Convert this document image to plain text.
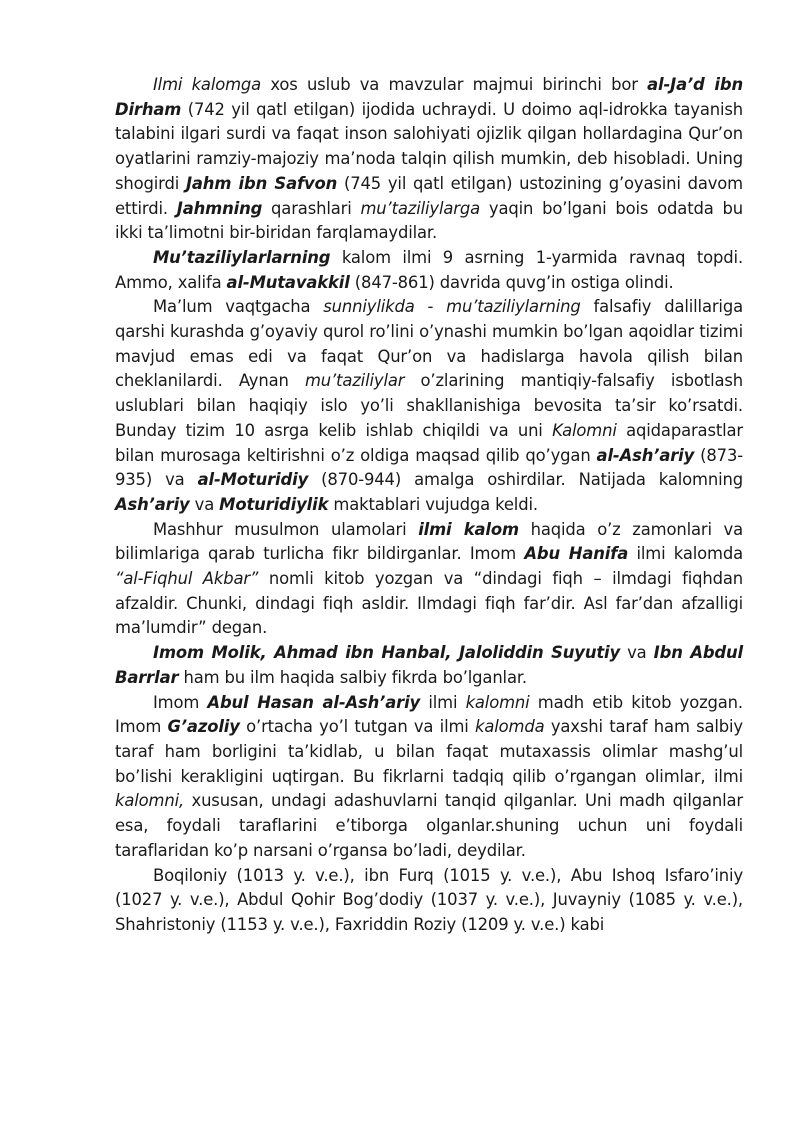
Ilmi kalomga xos uslub va mavzular majmui birinchi bor al-Ja’d ibn Dirham (742 yil qatl etilgan) ijodida uchraydi. U doimo aql-idrokka tayanish talabini ilgari surdi va faqat inson salohiyati ojizlik qilgan hollardagina Qur’on oyatlarini ramziy-majoziy ma’noda talqin qilish mumkin, deb hisobladi. Uning shogirdi Jahm ibn Safvon (745 yil qatl etilgan) ustozining g’oyasini davom ettirdi. Jahmning qarashlari mu’taziliylarga yaqin bo’lgani bois odatda bu ikki ta’limotni bir-biridan farqlamaydilar.

Mu’taziliylarlarning kalom ilmi 9 asrning 1-yarmida ravnaq topdi. Ammo, xalifa al-Mutavakkil (847-861) davrida quvg’in ostiga olindi.

Ma’lum vaqtgacha sunniylikda - mu’taziliylarning falsafiy dalillariga qarshi kurashda g’oyaviy qurol ro’lini o’ynashi mumkin bo’lgan aqoidlar tizimi mavjud emas edi va faqat Qur’on va hadislarga havola qilish bilan cheklanilardi. Aynan mu’taziliylar o’zlarining mantiqiy-falsafiy isbotlash uslublari bilan haqiqiy islo yo’li shakllanishiga bevosita ta’sir ko’rsatdi. Bunday tizim 10 asrga kelib ishlab chiqildi va uni Kalomni aqidaparastlar bilan murosaga keltirishni o’z oldiga maqsad qilib qo’ygan al-Ash’ariy (873-935) va al-Moturidiy (870-944) amalga oshirdilar. Natijada kalomning Ash’ariy va Moturidiylik maktablari vujudga keldi.

Mashhur musulmon ulamolari ilmi kalom haqida o’z zamonlari va bilimlariga qarab turlicha fikr bildirganlar. Imom Abu Hanifa ilmi kalomda “al-Fiqhul Akbar” nomli kitob yozgan va “dindagi fiqh – ilmdagi fiqhdan afzaldir. Chunki, dindagi fiqh asldir. Ilmdagi fiqh far’dir. Asl far’dan afzalligi ma’lumdir” degan.

Imom Molik, Ahmad ibn Hanbal, Jaloliddin Suyutiy va Ibn Abdul Barrlar ham bu ilm haqida salbiy fikrda bo’lganlar.

Imom Abul Hasan al-Ash’ariy ilmi kalomni madh etib kitob yozgan. Imom G’azoliy o’rtacha yo’l tutgan va ilmi kalomda yaxshi taraf ham salbiy taraf ham borligini ta’kidlab, u bilan faqat mutaxassis olimlar mashg’ul bo’lishi kerakligini uqtirgan. Bu fikrlarni tadqiq qilib o’rgangan olimlar, ilmi kalomni, xususan, undagi adashuvlarni tanqid qilganlar. Uni madh qilganlar esa, foydali taraflarini e’tiborga olganlar.shuning uchun uni foydali taraflaridan ko’p narsani o’rgansa bo’ladi, deydilar.

Boqiloniy (1013 y. v.e.), ibn Furq (1015 y. v.e.), Abu Ishoq Isfaro’iniy (1027 y. v.e.), Abdul Qohir Bog’dodiy (1037 y. v.e.), Juvayniy (1085 y. v.e.), Shahristoniy (1153 y. v.e.), Faxriddin Roziy (1209 y. v.e.) kabi
